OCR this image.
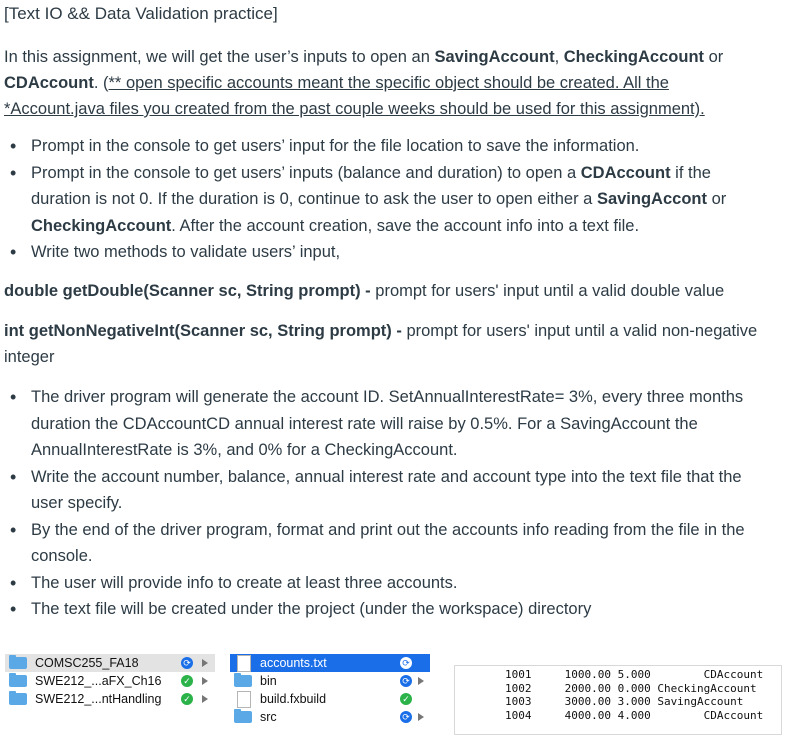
[Text IO && Data Validation practice]
In this assignment, we will get the user’s inputs to open an SavingAccount, CheckingAccount or CDAccount. (** open specific accounts meant the specific object should be created. All the *Account.java files you created from the past couple weeks should be used for this assignment).
• Prompt in the console to get users’ input for the file location to save the information.
• Prompt in the console to get users’ inputs (balance and duration) to open a CDAccount if the duration is not 0. If the duration is 0, continue to ask the user to open either a SavingAccont or CheckingAccount. After the account creation, save the account info into a text file.
• Write two methods to validate users’ input,
double getDouble(Scanner sc, String prompt) - prompt for users' input until a valid double value
int getNonNegativeInt(Scanner sc, String prompt) - prompt for users' input until a valid non-negative integer
• The driver program will generate the account ID. SetAnnualInterestRate= 3%, every three months duration the CDAccountCD annual interest rate will raise by 0.5%. For a SavingAccount the AnnualInterestRate is 3%, and 0% for a CheckingAccount.
• Write the account number, balance, annual interest rate and account type into the text file that the user specify.
• By the end of the driver program, format and print out the accounts info reading from the file in the console.
• The user will provide info to create at least three accounts.
• The text file will be created under the project (under the workspace) directory
COMSC255_FA18	⟳
SWE212_...aFX_Ch16 ✓
SWE212_...ntHandling ✓
accounts.txt	⟳
bin	⟳
build.fxbuild	✓
src	⟳
1001     1000.00 5.000        CDAccount
1002     2000.00 0.000 CheckingAccount
1003     3000.00 3.000 SavingAccount
1004     4000.00 4.000        CDAccount
